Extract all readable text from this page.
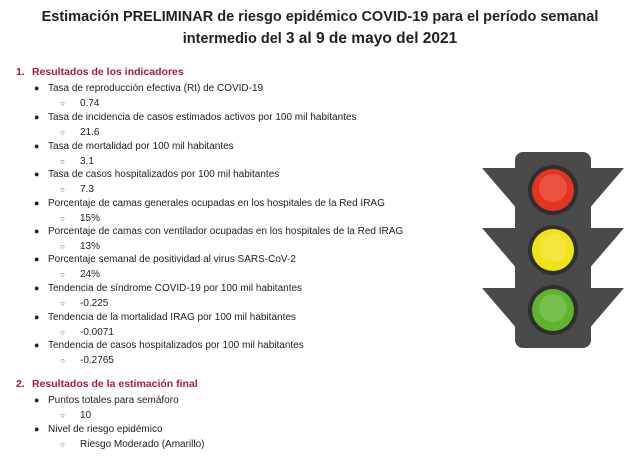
Estimación PRELIMINAR de riesgo epidémico COVID-19 para el período semanal
intermedio del 3 al 9 de mayo del 2021
1. Resultados de los indicadores
● Tasa de reproducción efectiva (Rt) de COVID-19
○ 0.74
● Tasa de incidencia de casos estimados activos por 100 mil habitantes
○ 21.6
● Tasa de mortalidad por 100 mil habitantes
○ 3.1
● Tasa de casos hospitalizados por 100 mil habitantes
○ 7.3
● Porcentaje de camas generales ocupadas en los hospitales de la Red IRAG
○ 15%
● Porcentaje de camas con ventilador ocupadas en los hospitales de la Red IRAG
○ 13%
● Porcentaje semanal de positividad al virus SARS-CoV-2
○ 24%
● Tendencia de síndrome COVID-19 por 100 mil habitantes
○ -0.225
● Tendencia de la mortalidad IRAG por 100 mil habitantes
○ -0.0071
● Tendencia de casos hospitalizados por 100 mil habitantes
○ -0.2765
2. Resultados de la estimación final
● Puntos totales para semáforo
○ 10
● Nivel de riesgo epidémico
○ Riesgo Moderado (Amarillo)
